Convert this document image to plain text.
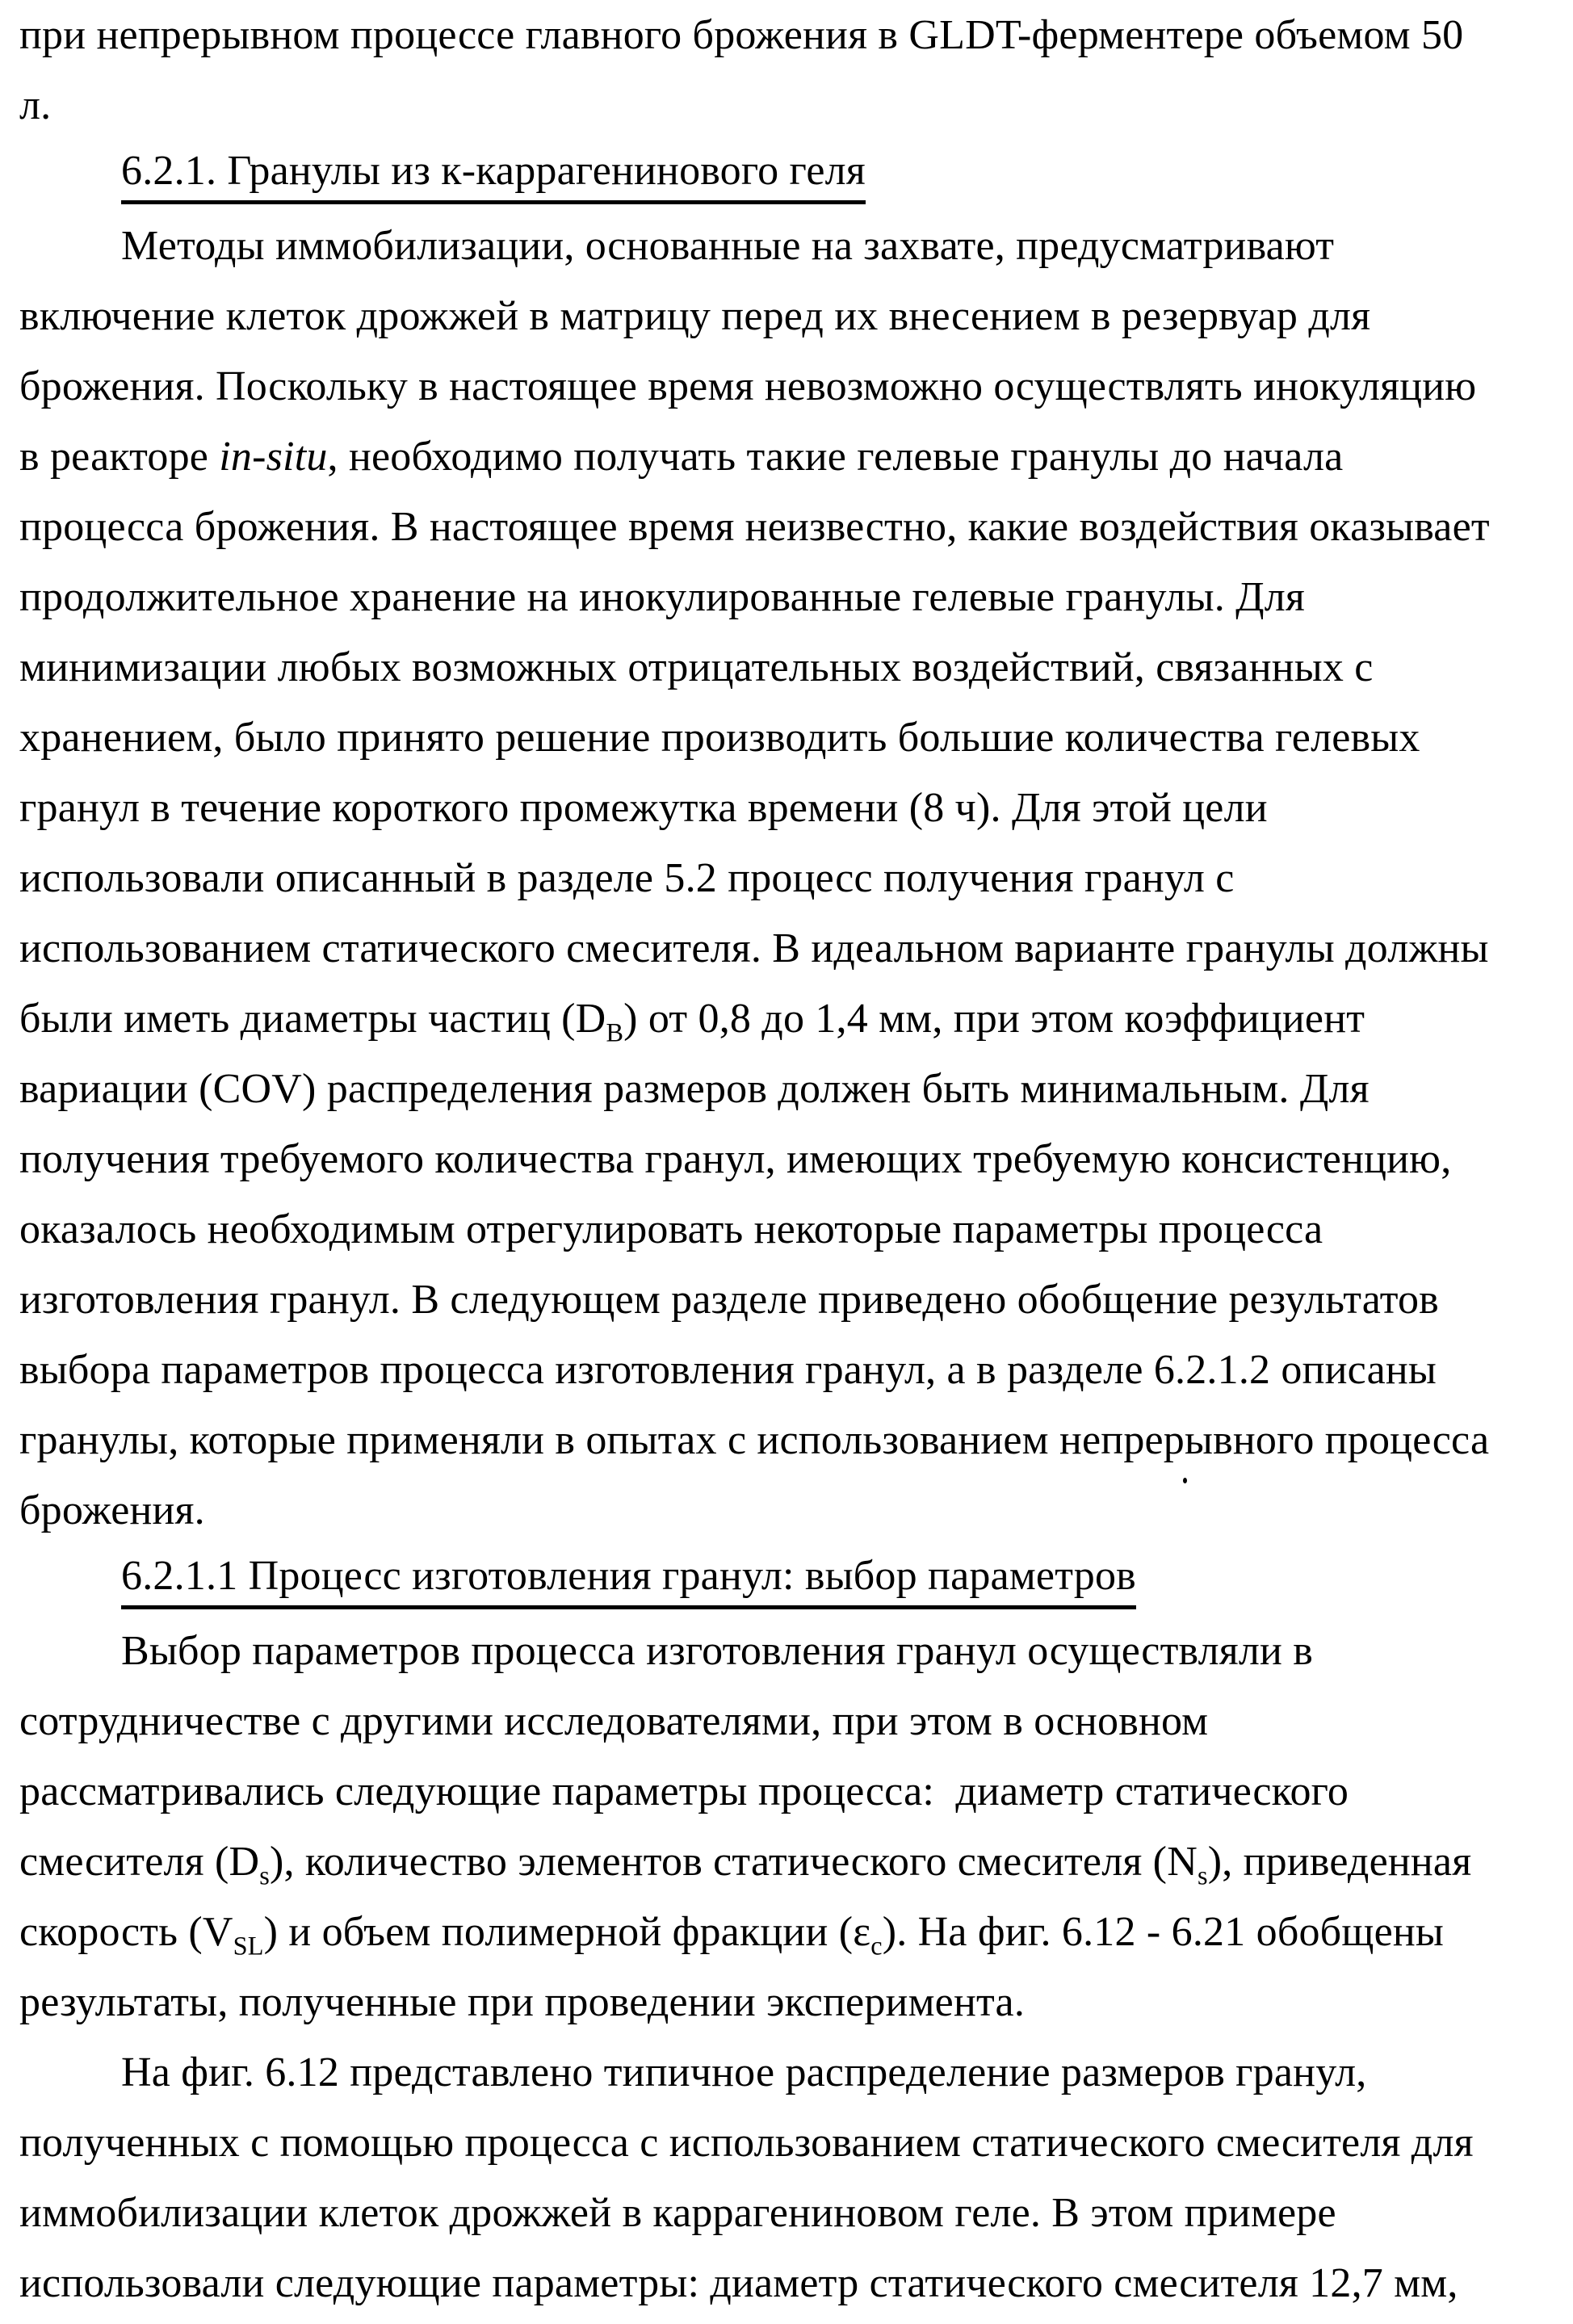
при непрерывном процессе главного брожения в GLDT-ферментере объемом 50
л.
6.2.1. Гранулы из к-каррагенинового геля
Методы иммобилизации, основанные на захвате, предусматривают
включение клеток дрожжей в матрицу перед их внесением в резервуар для
брожения. Поскольку в настоящее время невозможно осуществлять инокуляцию
в реакторе in-situ, необходимо получать такие гелевые гранулы до начала
процесса брожения. В настоящее время неизвестно, какие воздействия оказывает
продолжительное хранение на инокулированные гелевые гранулы. Для
минимизации любых возможных отрицательных воздействий, связанных с
хранением, было принято решение производить большие количества гелевых
гранул в течение короткого промежутка времени (8 ч). Для этой цели
использовали описанный в разделе 5.2 процесс получения гранул с
использованием статического смесителя. В идеальном варианте гранулы должны
были иметь диаметры частиц $(D_B)$ от 0,8 до 1,4 мм, при этом коэффициент
вариации (COV) распределения размеров должен быть минимальным. Для
получения требуемого количества гранул, имеющих требуемую консистенцию,
оказалось необходимым отрегулировать некоторые параметры процесса
изготовления гранул. В следующем разделе приведено обобщение результатов
выбора параметров процесса изготовления гранул, а в разделе 6.2.1.2 описаны
гранулы, которые применяли в опытах с использованием непрерывного процесса
брожения.
6.2.1.1 Процесс изготовления гранул: выбор параметров
Выбор параметров процесса изготовления гранул осуществляли в
сотрудничестве с другими исследователями, при этом в основном
рассматривались следующие параметры процесса:  диаметр статического
смесителя $(D_s)$, количество элементов статического смесителя $(N_s)$, приведенная
скорость $(V_{SL})$ и объем полимерной фракции $(\varepsilon_c)$. На фиг. 6.12 - 6.21 обобщены
результаты, полученные при проведении эксперимента.
На фиг. 6.12 представлено типичное распределение размеров гранул,
полученных с помощью процесса с использованием статического смесителя для
иммобилизации клеток дрожжей в каррагениновом геле. В этом примере
использовали следующие параметры: диаметр статического смесителя 12,7 мм,
